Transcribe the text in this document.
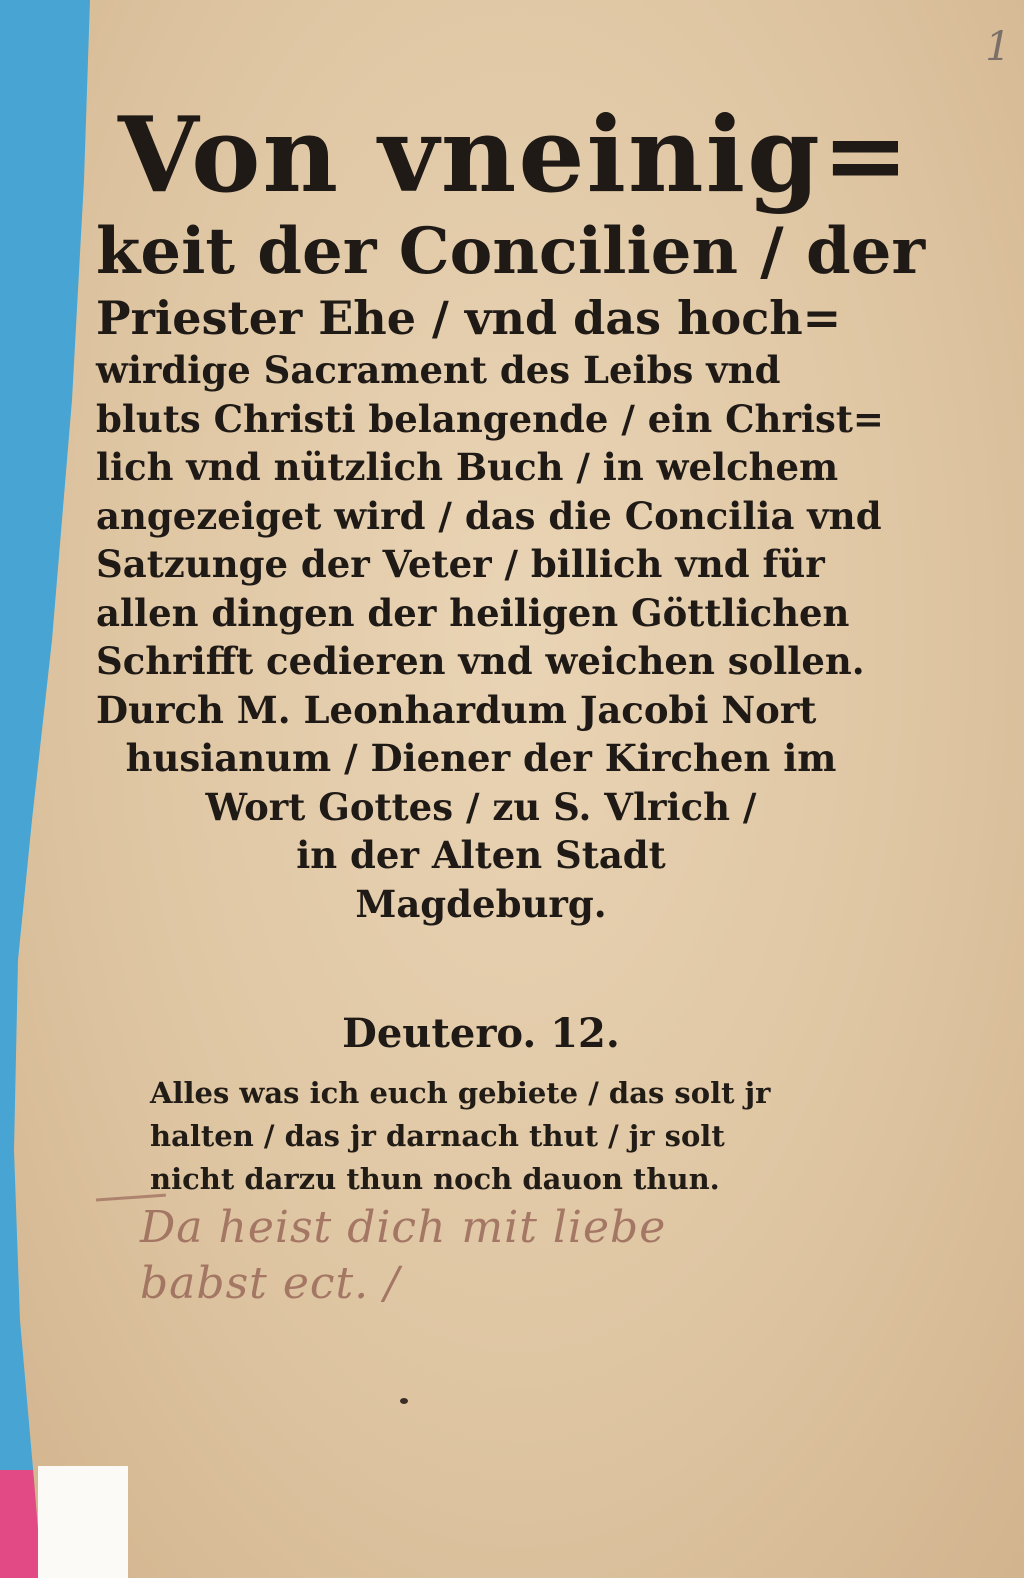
1
Von vneinig=
keit der Concilien / der
Priester Ehe / vnd das hoch=
wirdige Sacrament des Leibs vnd
bluts Christi belangende / ein Christ=
lich vnd nützlich Buch / in welchem
angezeiget wird / das die Concilia vnd
Satzunge der Veter / billich vnd für
allen dingen der heiligen Göttlichen
Schrifft cedieren vnd weichen sollen.
Durch M. Leonhardum Jacobi Nort
husianum / Diener der Kirchen im
Wort Gottes / zu S. Vlrich /
in der Alten Stadt
Magdeburg.
Deutero. 12.
Alles was ich euch gebiete / das solt jr
halten / das jr darnach thut / jr solt
nicht darzu thun noch dauon thun.
Da heist dich mit liebe
babst ect. /
